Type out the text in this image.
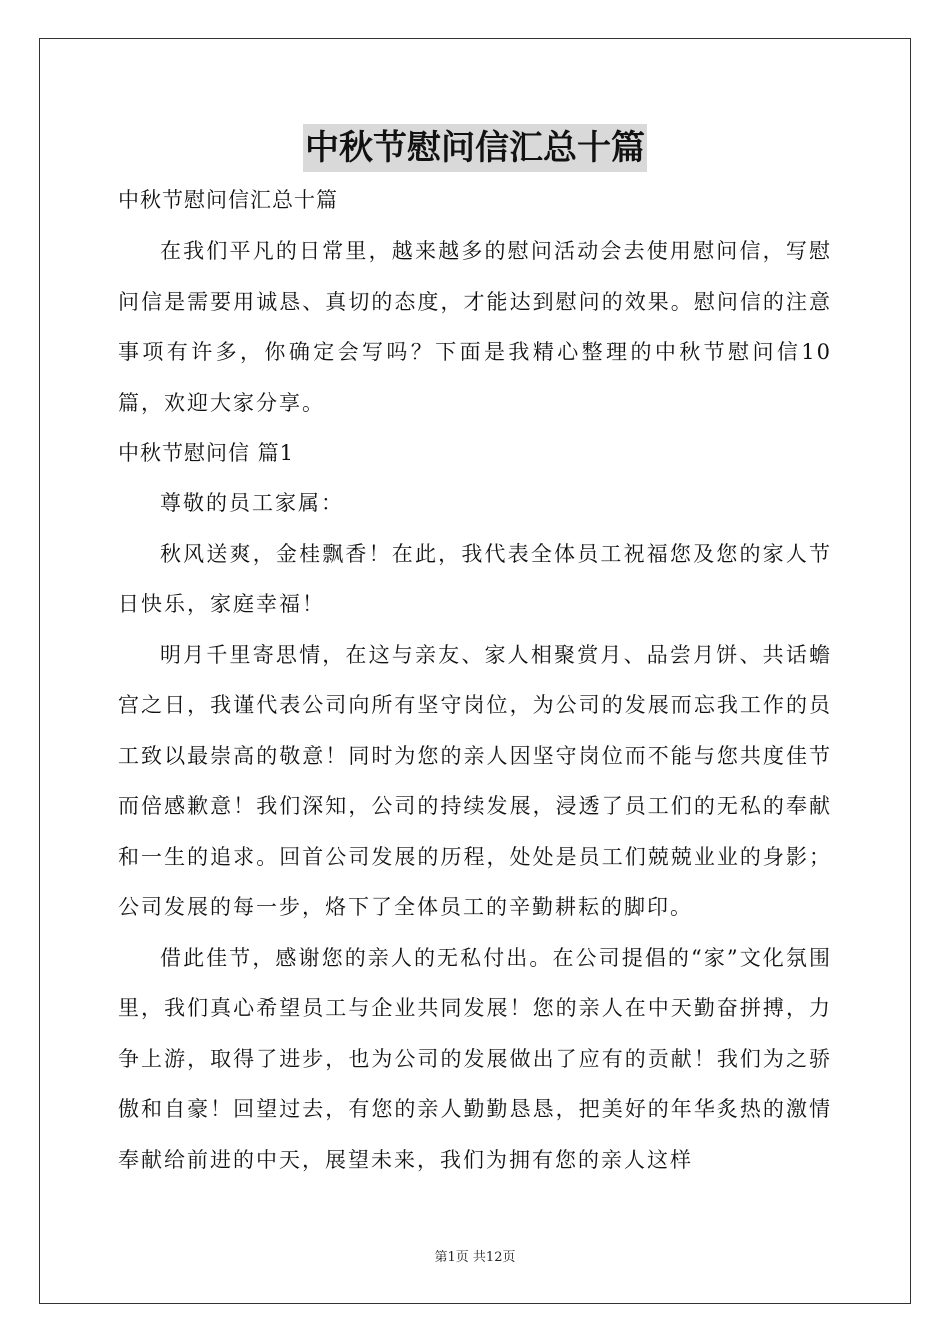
中秋节慰问信汇总十篇

中秋节慰问信汇总十篇

在我们平凡的日常里，越来越多的慰问活动会去使用慰问信，写慰问信是需要用诚恳、真切的态度，才能达到慰问的效果。慰问信的注意事项有许多，你确定会写吗？下面是我精心整理的中秋节慰问信10篇，欢迎大家分享。

中秋节慰问信 篇1

尊敬的员工家属：

秋风送爽，金桂飘香！在此，我代表全体员工祝福您及您的家人节日快乐，家庭幸福！

明月千里寄思情，在这与亲友、家人相聚赏月、品尝月饼、共话蟾宫之日，我谨代表公司向所有坚守岗位，为公司的发展而忘我工作的员工致以最崇高的敬意！同时为您的亲人因坚守岗位而不能与您共度佳节而倍感歉意！我们深知，公司的持续发展，浸透了员工们的无私的奉献和一生的追求。回首公司发展的历程，处处是员工们兢兢业业的身影；公司发展的每一步，烙下了全体员工的辛勤耕耘的脚印。

借此佳节，感谢您的亲人的无私付出。在公司提倡的“家”文化氛围里，我们真心希望员工与企业共同发展！您的亲人在中天勤奋拼搏，力争上游，取得了进步，也为公司的发展做出了应有的贡献！我们为之骄傲和自豪！回望过去，有您的亲人勤勤恳恳，把美好的年华炙热的激情奉献给前进的中天，展望未来，我们为拥有您的亲人这样

第1页 共12页
